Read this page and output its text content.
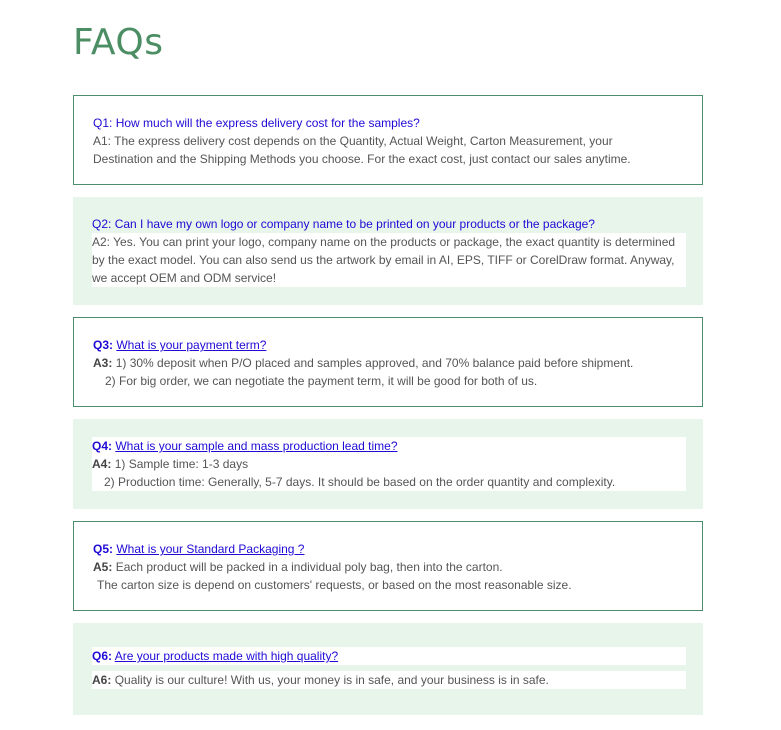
FAQs
Q1: How much will the express delivery cost for the samples?
A1: The express delivery cost depends on the Quantity, Actual Weight, Carton Measurement, your
Destination and the Shipping Methods you choose. For the exact cost, just contact our sales anytime.
Q2: Can I have my own logo or company name to be printed on your products or the package?
A2: Yes. You can print your logo, company name on the products or package, the exact quantity is determined
by the exact model. You can also send us the artwork by email in AI, EPS, TIFF or CorelDraw format. Anyway,
we accept OEM and ODM service!
Q3: What is your payment term?
A3: 1) 30% deposit when P/O placed and samples approved, and 70% balance paid before shipment.
2) For big order, we can negotiate the payment term, it will be good for both of us.
Q4: What is your sample and mass production lead time?
A4: 1) Sample time: 1-3 days
2) Production time: Generally, 5-7 days. It should be based on the order quantity and complexity.
Q5: What is your Standard Packaging ?
A5: Each product will be packed in a individual poly bag, then into the carton.
The carton size is depend on customers' requests, or based on the most reasonable size.
Q6: Are your products made with high quality?
A6: Quality is our culture! With us, your money is in safe, and your business is in safe.
